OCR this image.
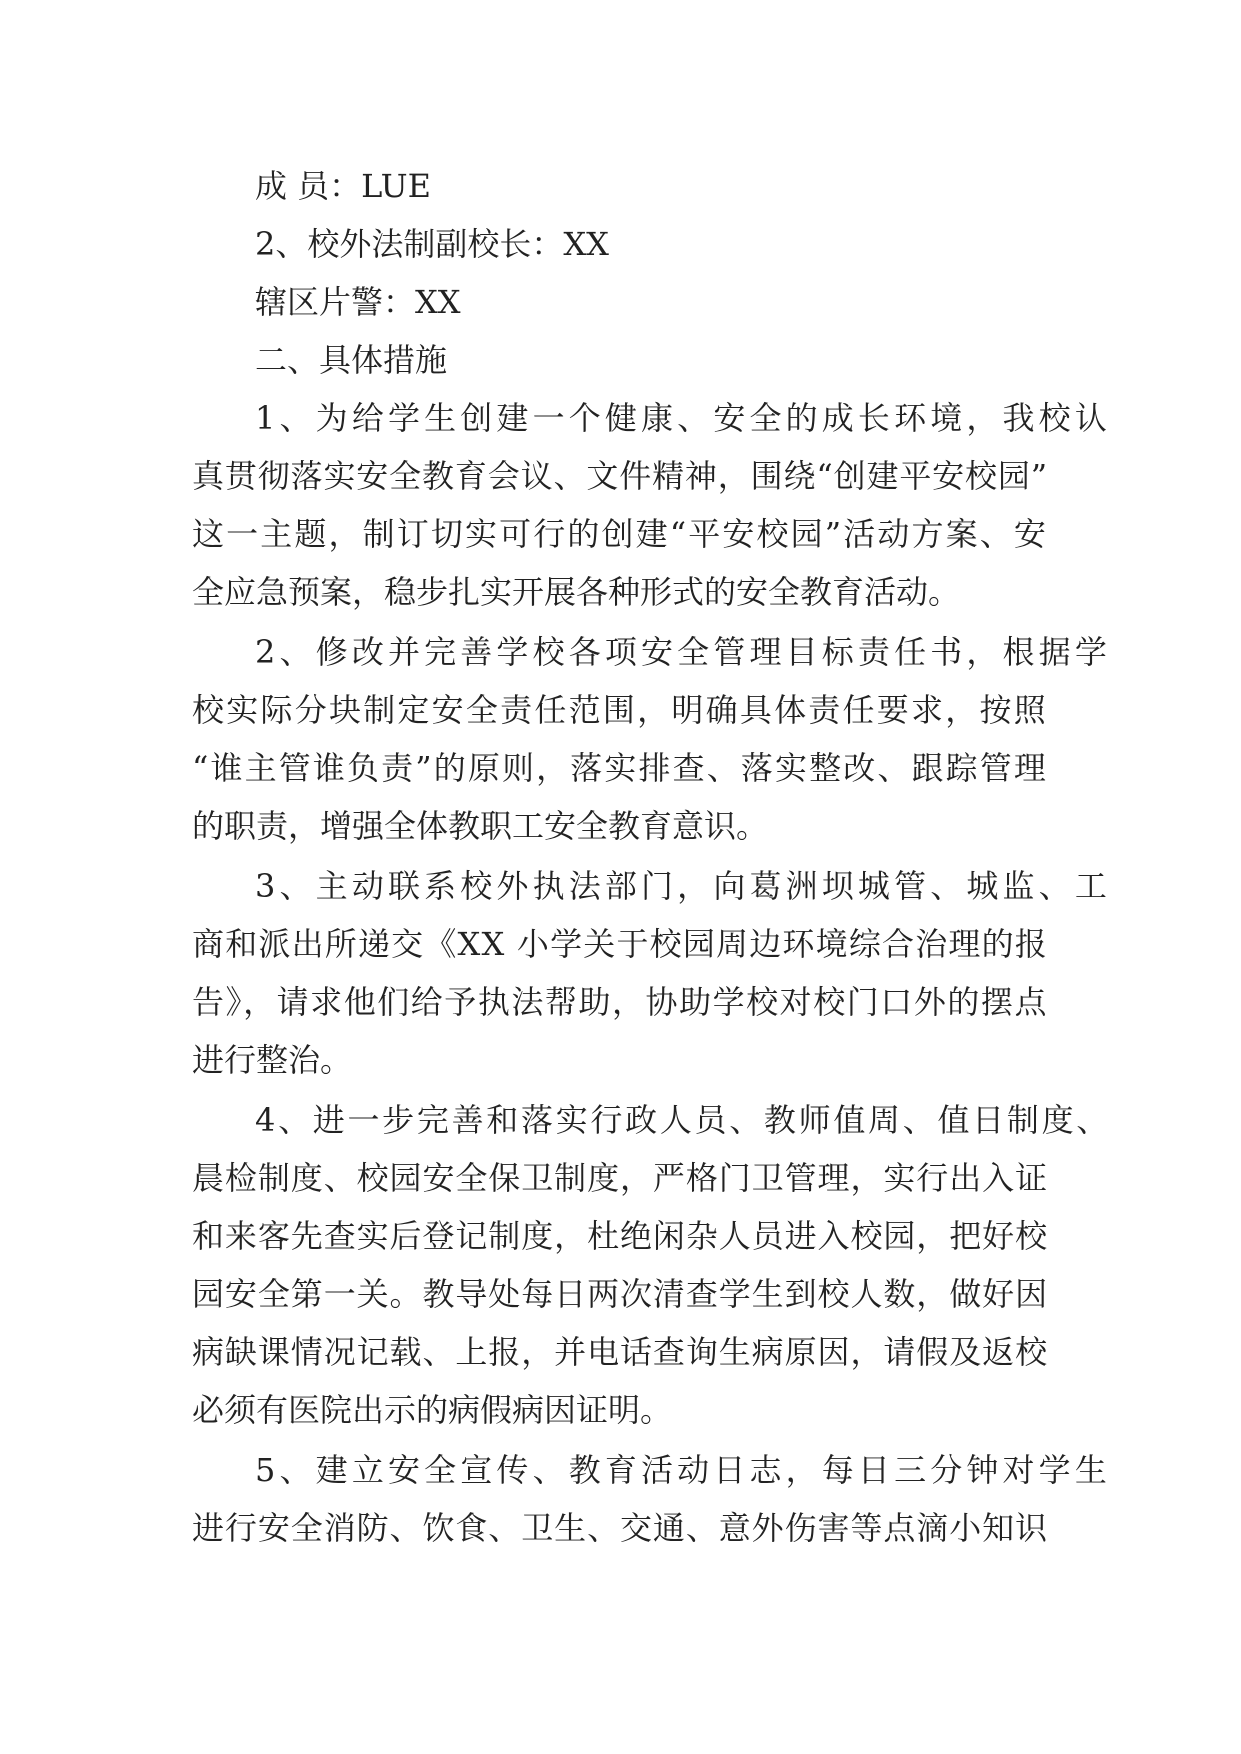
成 员：LUE

2、校外法制副校长：XX

辖区片警：XX

二、具体措施

1、为给学生创建一个健康、安全的成长环境，我校认

真贯彻落实安全教育会议、文件精神，围绕“创建平安校园”

这一主题，制订切实可行的创建“平安校园”活动方案、安

全应急预案，稳步扎实开展各种形式的安全教育活动。

2、修改并完善学校各项安全管理目标责任书，根据学

校实际分块制定安全责任范围，明确具体责任要求，按照

“谁主管谁负责”的原则，落实排查、落实整改、跟踪管理

的职责，增强全体教职工安全教育意识。

3、主动联系校外执法部门，向葛洲坝城管、城监、工

商和派出所递交《XX 小学关于校园周边环境综合治理的报

告》，请求他们给予执法帮助，协助学校对校门口外的摆点

进行整治。

4、进一步完善和落实行政人员、教师值周、值日制度、

晨检制度、校园安全保卫制度，严格门卫管理，实行出入证

和来客先查实后登记制度，杜绝闲杂人员进入校园，把好校

园安全第一关。教导处每日两次清查学生到校人数，做好因

病缺课情况记载、上报，并电话查询生病原因，请假及返校

必须有医院出示的病假病因证明。

5、建立安全宣传、教育活动日志，每日三分钟对学生

进行安全消防、饮食、卫生、交通、意外伤害等点滴小知识
